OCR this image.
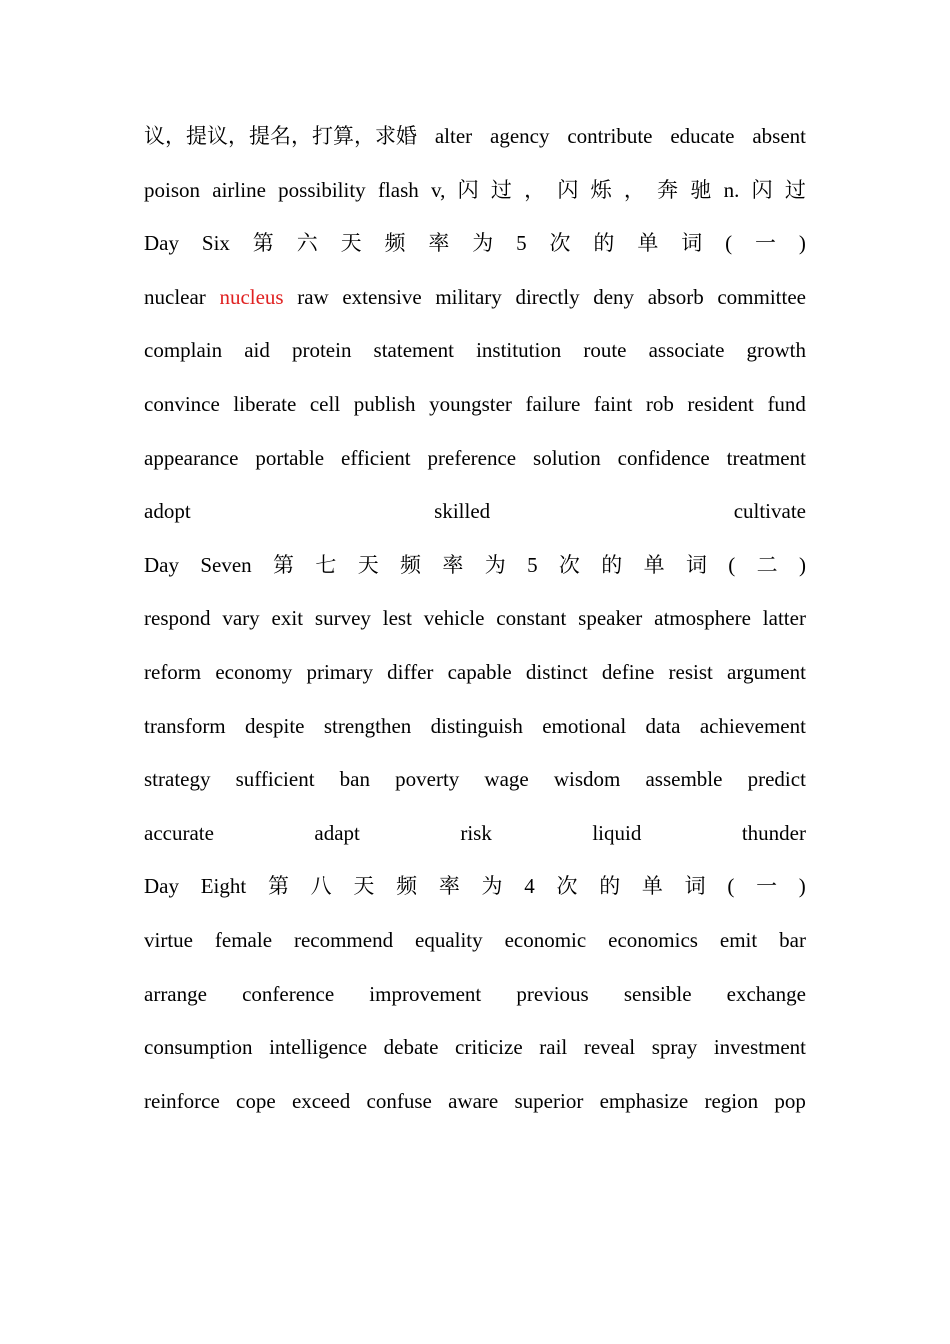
议，提议，提名，打算，求婚 alter agency contribute educate absent
poison airline possibility flash v, 闪 过 ， 闪 烁 ， 奔 驰 n. 闪 过
Day Six 第 六 天 频 率 为 5 次 的 单 词 ( 一 )
nuclear nucleus raw extensive military directly deny absorb committee
complain aid protein statement institution route associate growth
convince liberate cell publish youngster failure faint rob resident fund
appearance portable efficient preference solution confidence treatment
adopt	skilled	cultivate
Day Seven 第 七 天 频 率 为 5 次 的 单 词 ( 二 )
respond vary exit survey lest vehicle constant speaker atmosphere latter
reform economy primary differ capable distinct define resist argument
transform despite strengthen distinguish emotional data achievement
strategy sufficient ban poverty wage wisdom assemble predict
accurate	adapt	risk	liquid	thunder
Day Eight 第 八 天 频 率 为 4 次 的 单 词 ( 一 )
virtue female recommend equality economic economics emit bar
arrange conference improvement previous sensible exchange
consumption intelligence debate criticize rail reveal spray investment
reinforce cope exceed confuse aware superior emphasize region pop
